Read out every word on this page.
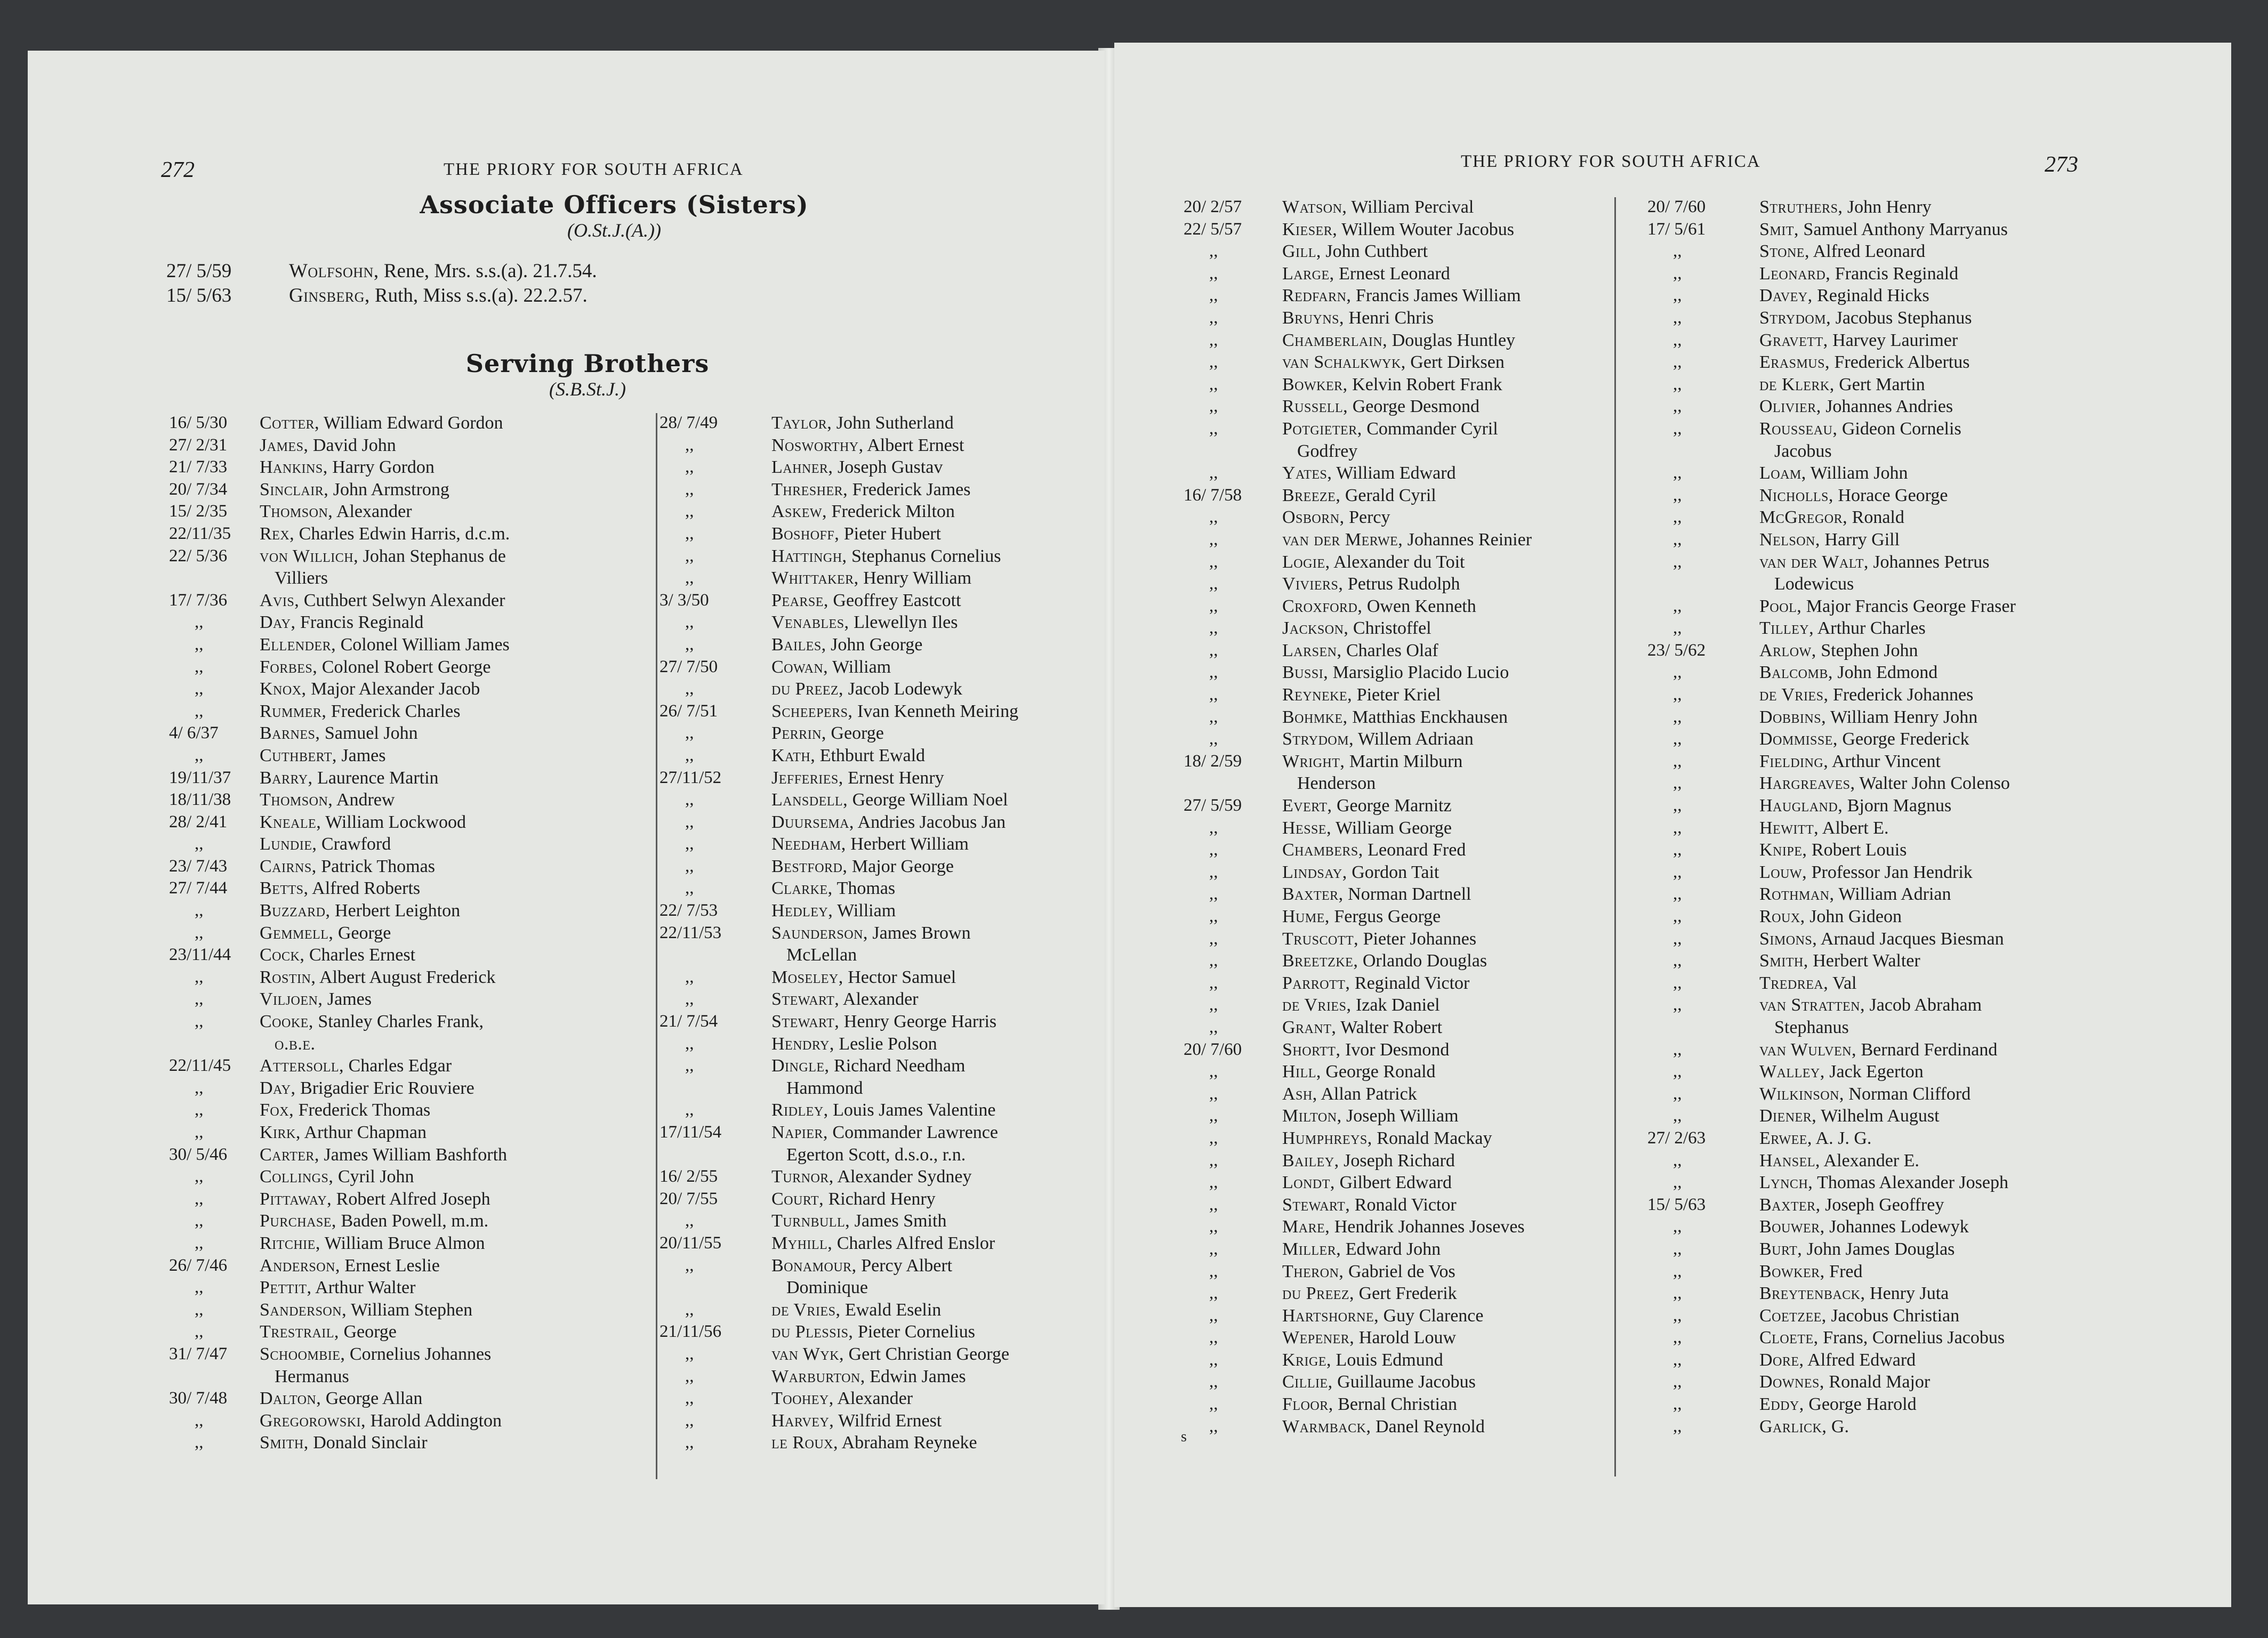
272	THE PRIORY FOR SOUTH AFRICA
Associate Officers (Sisters)
(O.St.J.(A.))
27/ 5/59	Wolfsohn, Rene, Mrs. s.s.(a). 21.7.54.
15/ 5/63	Ginsberg, Ruth, Miss s.s.(a). 22.2.57.
Serving Brothers
(S.B.St.J.)
16/ 5/30 Cotter, William Edward Gordon
27/ 2/31 James, David John
21/ 7/33 Hankins, Harry Gordon
20/ 7/34 Sinclair, John Armstrong
15/ 2/35 Thomson, Alexander
22/11/35 Rex, Charles Edwin Harris, d.c.m.
22/ 5/36 von Willich, Johan Stephanus de
Villiers
17/ 7/36 Avis, Cuthbert Selwyn Alexander
,,	Day, Francis Reginald
,,	Ellender, Colonel William James
,,	Forbes, Colonel Robert George
,,	Knox, Major Alexander Jacob
,,	Rummer, Frederick Charles
4/ 6/37 Barnes, Samuel John
,,	Cuthbert, James
19/11/37 Barry, Laurence Martin
18/11/38 Thomson, Andrew
28/ 2/41 Kneale, William Lockwood
,,	Lundie, Crawford
23/ 7/43 Cairns, Patrick Thomas
27/ 7/44 Betts, Alfred Roberts
,,	Buzzard, Herbert Leighton
,,	Gemmell, George
23/11/44 Cock, Charles Ernest
,,	Rostin, Albert August Frederick
,,	Viljoen, James
,,	Cooke, Stanley Charles Frank,
o.b.e.
22/11/45 Attersoll, Charles Edgar
,,	Day, Brigadier Eric Rouviere
,,	Fox, Frederick Thomas
,,	Kirk, Arthur Chapman
30/ 5/46 Carter, James William Bashforth
,,	Collings, Cyril John
,,	Pittaway, Robert Alfred Joseph
,,	Purchase, Baden Powell, m.m.
,,	Ritchie, William Bruce Almon
26/ 7/46 Anderson, Ernest Leslie
,,	Pettit, Arthur Walter
,,	Sanderson, William Stephen
,,	Trestrail, George
31/ 7/47 Schoombie, Cornelius Johannes
Hermanus
30/ 7/48 Dalton, George Allan
,,	Gregorowski, Harold Addington
,,	Smith, Donald Sinclair
28/ 7/49	Taylor, John Sutherland
,,	Nosworthy, Albert Ernest
,,	Lahner, Joseph Gustav
,,	Thresher, Frederick James
,,	Askew, Frederick Milton
,,	Boshoff, Pieter Hubert
,,	Hattingh, Stephanus Cornelius
,,	Whittaker, Henry William
3/ 3/50	Pearse, Geoffrey Eastcott
,,	Venables, Llewellyn Iles
,,	Bailes, John George
27/ 7/50	Cowan, William
,,	du Preez, Jacob Lodewyk
26/ 7/51	Scheepers, Ivan Kenneth Meiring
,,	Perrin, George
,,	Kath, Ethburt Ewald
27/11/52	Jefferies, Ernest Henry
,,	Lansdell, George William Noel
,,	Duursema, Andries Jacobus Jan
,,	Needham, Herbert William
,,	Bestford, Major George
,,	Clarke, Thomas
22/ 7/53	Hedley, William
22/11/53	Saunderson, James Brown
McLellan
,,	Moseley, Hector Samuel
,,	Stewart, Alexander
21/ 7/54	Stewart, Henry George Harris
,,	Hendry, Leslie Polson
,,	Dingle, Richard Needham
Hammond
,,	Ridley, Louis James Valentine
17/11/54	Napier, Commander Lawrence
Egerton Scott, d.s.o., r.n.
16/ 2/55	Turnor, Alexander Sydney
20/ 7/55	Court, Richard Henry
,,	Turnbull, James Smith
20/11/55	Myhill, Charles Alfred Enslor
,,	Bonamour, Percy Albert
Dominique
,,	de Vries, Ewald Eselin
21/11/56	du Plessis, Pieter Cornelius
,,	van Wyk, Gert Christian George
,,	Warburton, Edwin James
,,	Toohey, Alexander
,,	Harvey, Wilfrid Ernest
,,	le Roux, Abraham Reyneke
THE PRIORY FOR SOUTH AFRICA	273
20/ 2/57 Watson, William Percival
22/ 5/57 Kieser, Willem Wouter Jacobus
,,	Gill, John Cuthbert
,,	Large, Ernest Leonard
,,	Redfarn, Francis James William
,,	Bruyns, Henri Chris
,,	Chamberlain, Douglas Huntley
,,	van Schalkwyk, Gert Dirksen
,,	Bowker, Kelvin Robert Frank
,,	Russell, George Desmond
,,	Potgieter, Commander Cyril
Godfrey
,,	Yates, William Edward
16/ 7/58 Breeze, Gerald Cyril
,,	Osborn, Percy
,,	van der Merwe, Johannes Reinier
,,	Logie, Alexander du Toit
,,	Viviers, Petrus Rudolph
,,	Croxford, Owen Kenneth
,,	Jackson, Christoffel
,,	Larsen, Charles Olaf
,,	Bussi, Marsiglio Placido Lucio
,,	Reyneke, Pieter Kriel
,,	Bohmke, Matthias Enckhausen
,,	Strydom, Willem Adriaan
18/ 2/59 Wright, Martin Milburn
Henderson
27/ 5/59 Evert, George Marnitz
,,	Hesse, William George
,,	Chambers, Leonard Fred
,,	Lindsay, Gordon Tait
,,	Baxter, Norman Dartnell
,,	Hume, Fergus George
,,	Truscott, Pieter Johannes
,,	Breetzke, Orlando Douglas
,,	Parrott, Reginald Victor
,,	de Vries, Izak Daniel
,,	Grant, Walter Robert
20/ 7/60 Shortt, Ivor Desmond
,,	Hill, George Ronald
,,	Ash, Allan Patrick
,,	Milton, Joseph William
,,	Humphreys, Ronald Mackay
,,	Bailey, Joseph Richard
,,	Londt, Gilbert Edward
,,	Stewart, Ronald Victor
,,	Mare, Hendrik Johannes Joseves
,,	Miller, Edward John
,,	Theron, Gabriel de Vos
,,	du Preez, Gert Frederik
,,	Hartshorne, Guy Clarence
,,	Wepener, Harold Louw
,,	Krige, Louis Edmund
,,	Cillie, Guillaume Jacobus
,,	Floor, Bernal Christian
,,	Warmback, Danel Reynold
20/ 7/60	Struthers, John Henry
17/ 5/61	Smit, Samuel Anthony Marryanus
,,	Stone, Alfred Leonard
,,	Leonard, Francis Reginald
,,	Davey, Reginald Hicks
,,	Strydom, Jacobus Stephanus
,,	Gravett, Harvey Laurimer
,,	Erasmus, Frederick Albertus
,,	de Klerk, Gert Martin
,,	Olivier, Johannes Andries
,,	Rousseau, Gideon Cornelis
Jacobus
,,	Loam, William John
,,	Nicholls, Horace George
,,	McGregor, Ronald
,,	Nelson, Harry Gill
,,	van der Walt, Johannes Petrus
Lodewicus
,,	Pool, Major Francis George Fraser
,,	Tilley, Arthur Charles
23/ 5/62	Arlow, Stephen John
,,	Balcomb, John Edmond
,,	de Vries, Frederick Johannes
,,	Dobbins, William Henry John
,,	Dommisse, George Frederick
,,	Fielding, Arthur Vincent
,,	Hargreaves, Walter John Colenso
,,	Haugland, Bjorn Magnus
,,	Hewitt, Albert E.
,,	Knipe, Robert Louis
,,	Louw, Professor Jan Hendrik
,,	Rothman, William Adrian
,,	Roux, John Gideon
,,	Simons, Arnaud Jacques Biesman
,,	Smith, Herbert Walter
,,	Tredrea, Val
,,	van Stratten, Jacob Abraham
Stephanus
,,	van Wulven, Bernard Ferdinand
,,	Walley, Jack Egerton
,,	Wilkinson, Norman Clifford
,,	Diener, Wilhelm August
27/ 2/63	Erwee, A. J. G.
,,	Hansel, Alexander E.
,,	Lynch, Thomas Alexander Joseph
15/ 5/63	Baxter, Joseph Geoffrey
,,	Bouwer, Johannes Lodewyk
,,	Burt, John James Douglas
,,	Bowker, Fred
,,	Breytenback, Henry Juta
,,	Coetzee, Jacobus Christian
,,	Cloete, Frans, Cornelius Jacobus
,,	Dore, Alfred Edward
,,	Downes, Ronald Major
,,	Eddy, George Harold
,,	Garlick, G.
s
